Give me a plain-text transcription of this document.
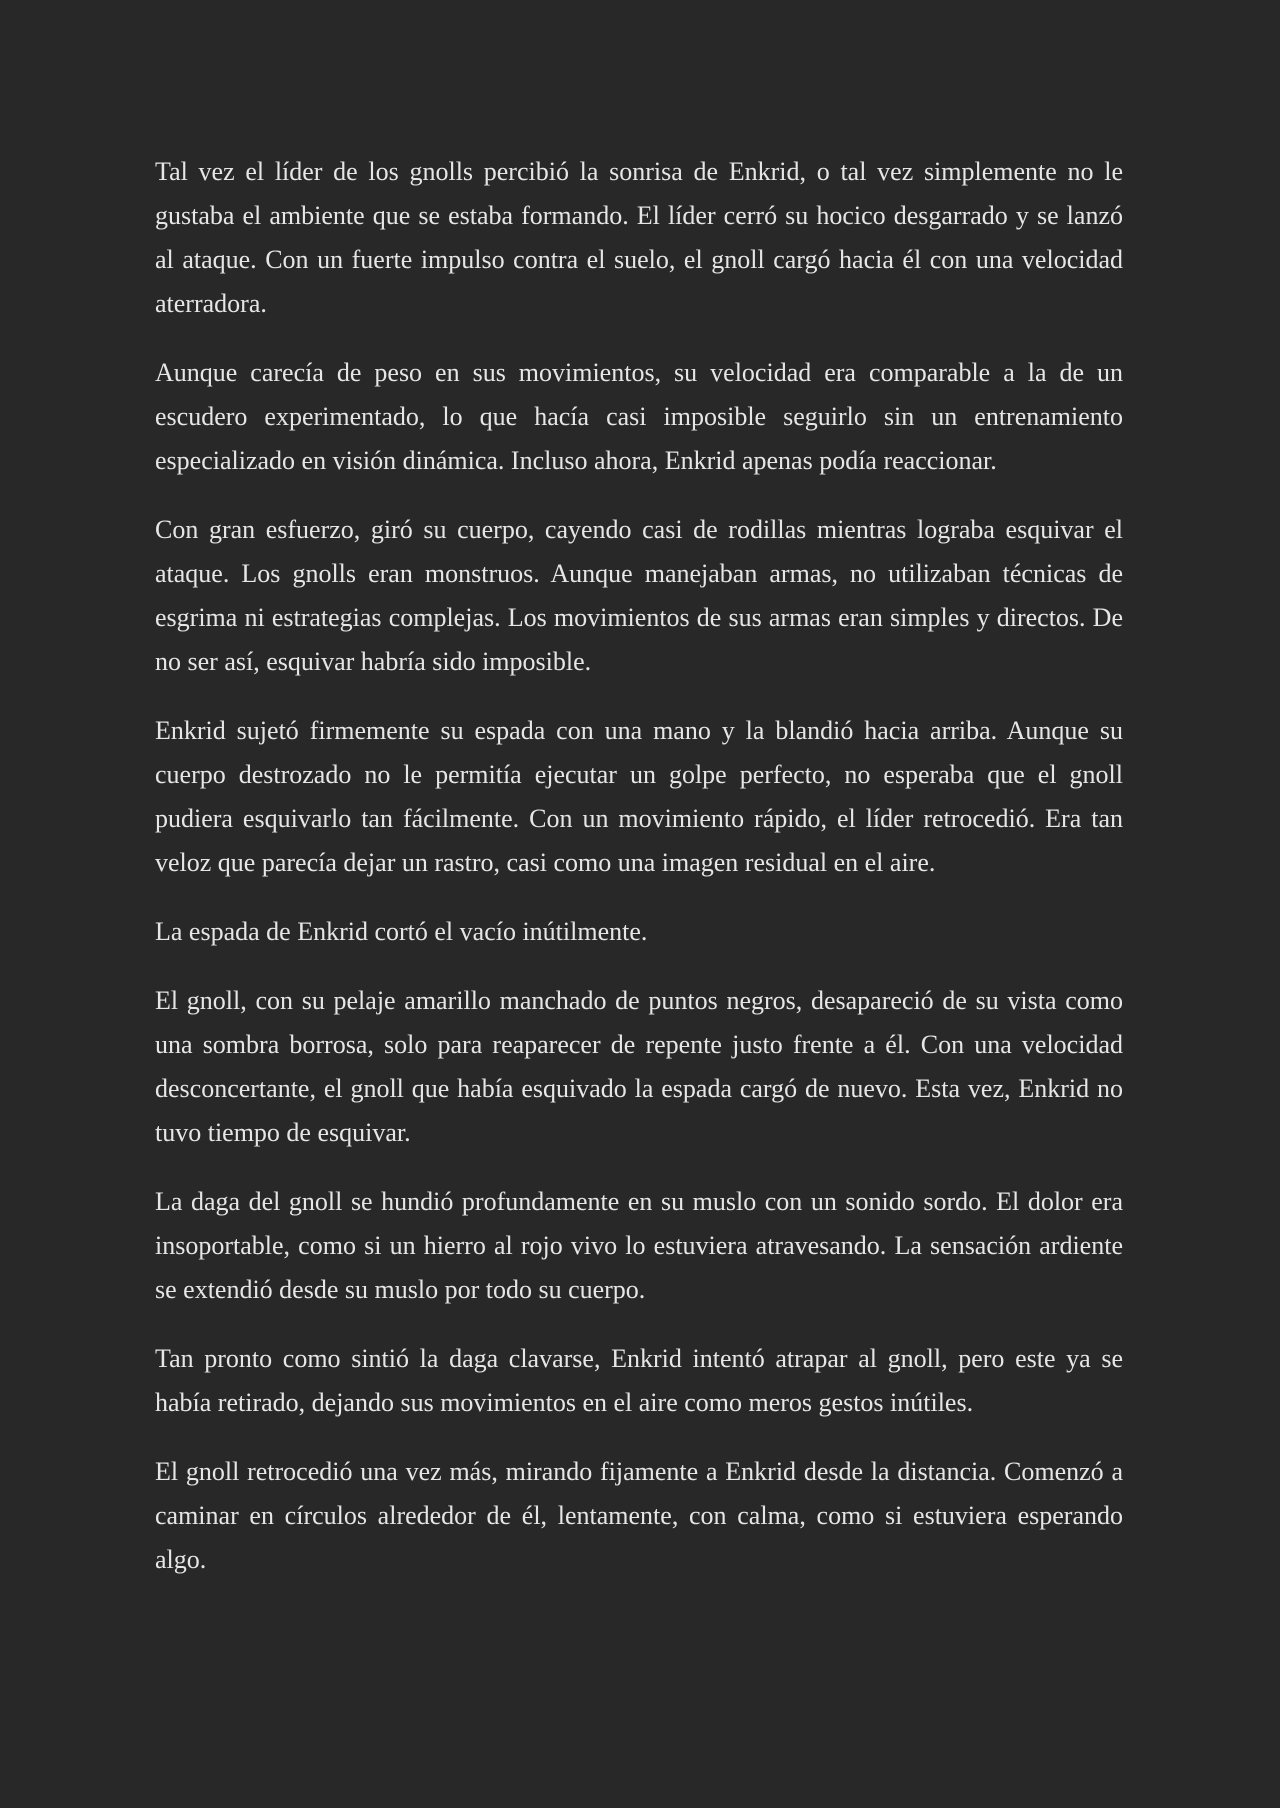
Tal vez el líder de los gnolls percibió la sonrisa de Enkrid, o tal vez simplemente no le gustaba el ambiente que se estaba formando. El líder cerró su hocico desgarrado y se lanzó al ataque. Con un fuerte impulso contra el suelo, el gnoll cargó hacia él con una velocidad aterradora.

Aunque carecía de peso en sus movimientos, su velocidad era comparable a la de un escudero experimentado, lo que hacía casi imposible seguirlo sin un entrenamiento especializado en visión dinámica. Incluso ahora, Enkrid apenas podía reaccionar.

Con gran esfuerzo, giró su cuerpo, cayendo casi de rodillas mientras lograba esquivar el ataque. Los gnolls eran monstruos. Aunque manejaban armas, no utilizaban técnicas de esgrima ni estrategias complejas. Los movimientos de sus armas eran simples y directos. De no ser así, esquivar habría sido imposible.

Enkrid sujetó firmemente su espada con una mano y la blandió hacia arriba. Aunque su cuerpo destrozado no le permitía ejecutar un golpe perfecto, no esperaba que el gnoll pudiera esquivarlo tan fácilmente. Con un movimiento rápido, el líder retrocedió. Era tan veloz que parecía dejar un rastro, casi como una imagen residual en el aire.

La espada de Enkrid cortó el vacío inútilmente.

El gnoll, con su pelaje amarillo manchado de puntos negros, desapareció de su vista como una sombra borrosa, solo para reaparecer de repente justo frente a él. Con una velocidad desconcertante, el gnoll que había esquivado la espada cargó de nuevo. Esta vez, Enkrid no tuvo tiempo de esquivar.

La daga del gnoll se hundió profundamente en su muslo con un sonido sordo. El dolor era insoportable, como si un hierro al rojo vivo lo estuviera atravesando. La sensación ardiente se extendió desde su muslo por todo su cuerpo.

Tan pronto como sintió la daga clavarse, Enkrid intentó atrapar al gnoll, pero este ya se había retirado, dejando sus movimientos en el aire como meros gestos inútiles.

El gnoll retrocedió una vez más, mirando fijamente a Enkrid desde la distancia. Comenzó a caminar en círculos alrededor de él, lentamente, con calma, como si estuviera esperando algo.
